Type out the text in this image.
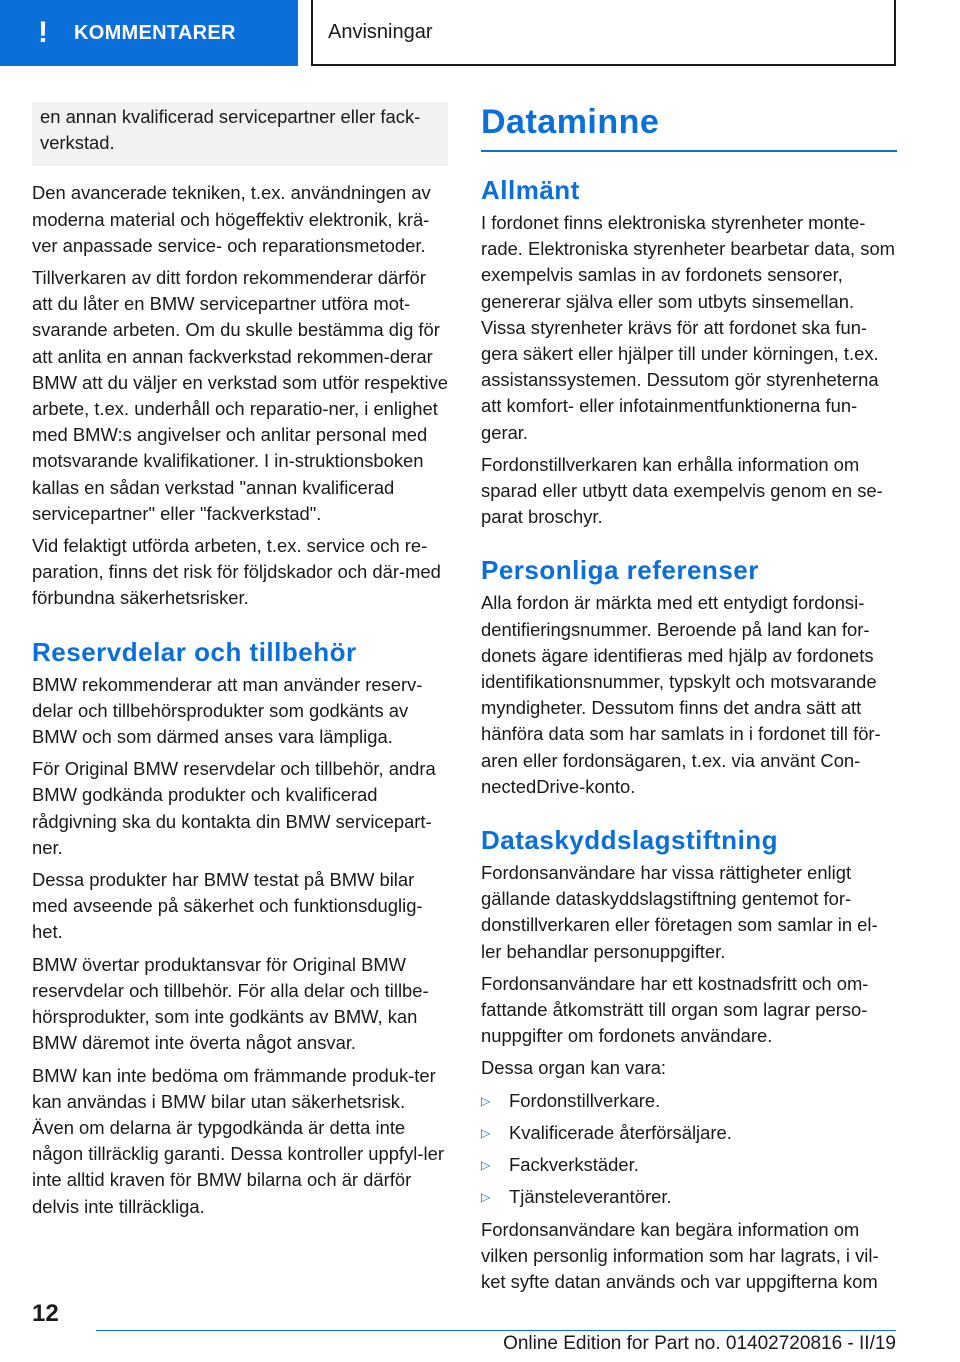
! KOMMENTARER	Anvisningar

en annan kvalificerad servicepartner eller fack-verkstad.

Den avancerade tekniken, t.ex. användningen av moderna material och högeffektiv elektronik, krä-ver anpassade service- och reparationsmetoder.

Tillverkaren av ditt fordon rekommenderar därför att du låter en BMW servicepartner utföra mot-svarande arbeten. Om du skulle bestämma dig för att anlita en annan fackverkstad rekommen-derar BMW att du väljer en verkstad som utför respektive arbete, t.ex. underhåll och reparatio-ner, i enlighet med BMW:s angivelser och anlitar personal med motsvarande kvalifikationer. I in-struktionsboken kallas en sådan verkstad "annan kvalificerad servicepartner" eller "fackverkstad".

Vid felaktigt utförda arbeten, t.ex. service och re-paration, finns det risk för följdskador och där-med förbundna säkerhetsrisker.

Reservdelar och tillbehör

BMW rekommenderar att man använder reserv-delar och tillbehörsprodukter som godkänts av BMW och som därmed anses vara lämpliga.

För Original BMW reservdelar och tillbehör, andra BMW godkända produkter och kvalificerad rådgivning ska du kontakta din BMW servicepart-ner.

Dessa produkter har BMW testat på BMW bilar med avseende på säkerhet och funktionsduglig-het.

BMW övertar produktansvar för Original BMW reservdelar och tillbehör. För alla delar och tillbe-hörsprodukter, som inte godkänts av BMW, kan BMW däremot inte överta något ansvar.

BMW kan inte bedöma om främmande produk-ter kan användas i BMW bilar utan säkerhetsrisk. Även om delarna är typgodkända är detta inte någon tillräcklig garanti. Dessa kontroller uppfyl-ler inte alltid kraven för BMW bilarna och är därför delvis inte tillräckliga.

Dataminne
Allmänt

I fordonet finns elektroniska styrenheter monte-rade. Elektroniska styrenheter bearbetar data, som exempelvis samlas in av fordonets sensorer, genererar själva eller som utbyts sinsemellan. Vissa styrenheter krävs för att fordonet ska fun-gera säkert eller hjälper till under körningen, t.ex. assistanssystemen. Dessutom gör styrenheterna att komfort- eller infotainmentfunktionerna fun-gerar.

Fordonstillverkaren kan erhålla information om sparad eller utbytt data exempelvis genom en se-parat broschyr.

Personliga referenser

Alla fordon är märkta med ett entydigt fordonsi-dentifieringsnummer. Beroende på land kan for-donets ägare identifieras med hjälp av fordonets identifikationsnummer, typskylt och motsvarande myndigheter. Dessutom finns det andra sätt att hänföra data som har samlats in i fordonet till för-aren eller fordonsägaren, t.ex. via använt Con-nectedDrive-konto.

Dataskyddslagstiftning

Fordonsanvändare har vissa rättigheter enligt gällande dataskyddslagstiftning gentemot for-donstillverkaren eller företagen som samlar in el-ler behandlar personuppgifter.

Fordonsanvändare har ett kostnadsfritt och om-fattande åtkomsträtt till organ som lagrar perso-nuppgifter om fordonets användare.

Dessa organ kan vara:

▷	Fordonstillverkare.
▷	Kvalificerade återförsäljare.
▷	Fackverkstäder.
▷	Tjänsteleverantörer.

Fordonsanvändare kan begära information om vilken personlig information som har lagrats, i vil-ket syfte datan används och var uppgifterna kom

12
Online Edition for Part no. 01402720816 - II/19
